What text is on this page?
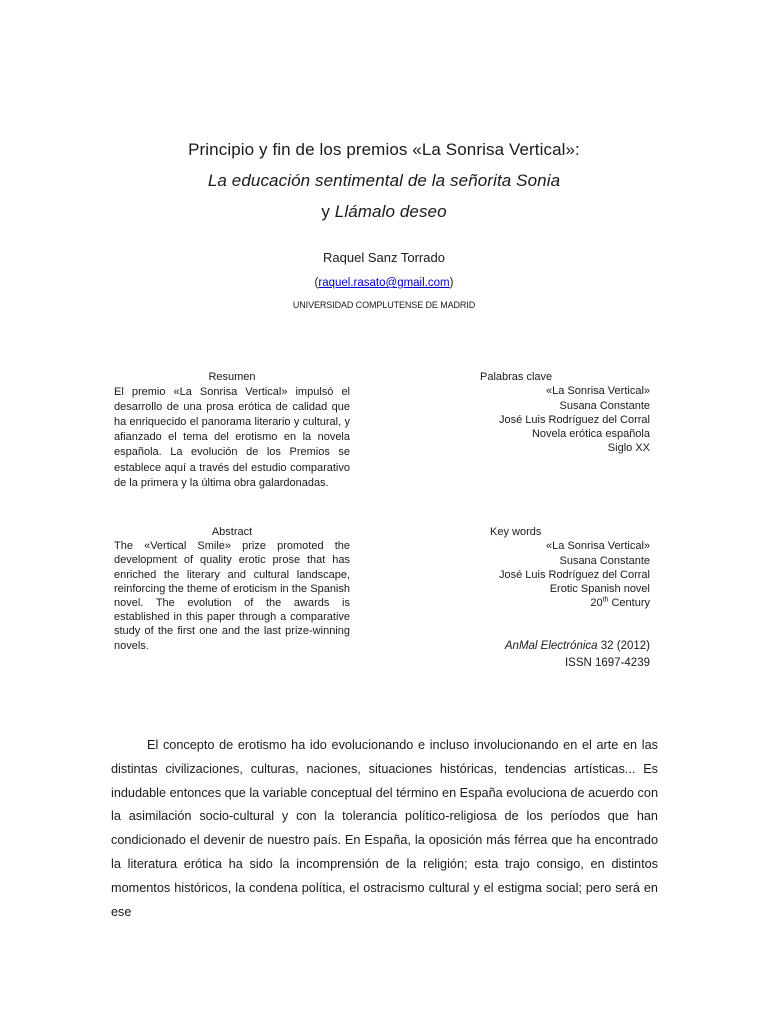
Principio y fin de los premios «La Sonrisa Vertical»:
La educación sentimental de la señorita Sonia
y Llámalo deseo
Raquel Sanz Torrado
(raquel.rasato@gmail.com)
UNIVERSIDAD COMPLUTENSE DE MADRID
Resumen

El premio «La Sonrisa Vertical» impulsó el desarrollo de una prosa erótica de calidad que ha enriquecido el panorama literario y cultural, y afianzado el tema del erotismo en la novela española. La evolución de los Premios se establece aquí a través del estudio comparativo de la primera y la última obra galardonadas.

Palabras clave
«La Sonrisa Vertical»
Susana Constante
José Luis Rodríguez del Corral
Novela erótica española
Siglo XX
Abstract

The «Vertical Smile» prize promoted the development of quality erotic prose that has enriched the literary and cultural landscape, reinforcing the theme of eroticism in the Spanish novel. The evolution of the awards is established in this paper through a comparative study of the first one and the last prize-winning novels.

Key words
«La Sonrisa Vertical»
Susana Constante
José Luis Rodríguez del Corral
Erotic Spanish novel
20th Century
AnMal Electrónica 32 (2012)
ISSN 1697-4239

El concepto de erotismo ha ido evolucionando e incluso involucionando en el arte en las distintas civilizaciones, culturas, naciones, situaciones históricas, tendencias artísticas... Es indudable entonces que la variable conceptual del término en España evoluciona de acuerdo con la asimilación socio-cultural y con la tolerancia político-religiosa de los períodos que han condicionado el devenir de nuestro país. En España, la oposición más férrea que ha encontrado la literatura erótica ha sido la incomprensión de la religión; esta trajo consigo, en distintos momentos históricos, la condena política, el ostracismo cultural y el estigma social; pero será en ese
